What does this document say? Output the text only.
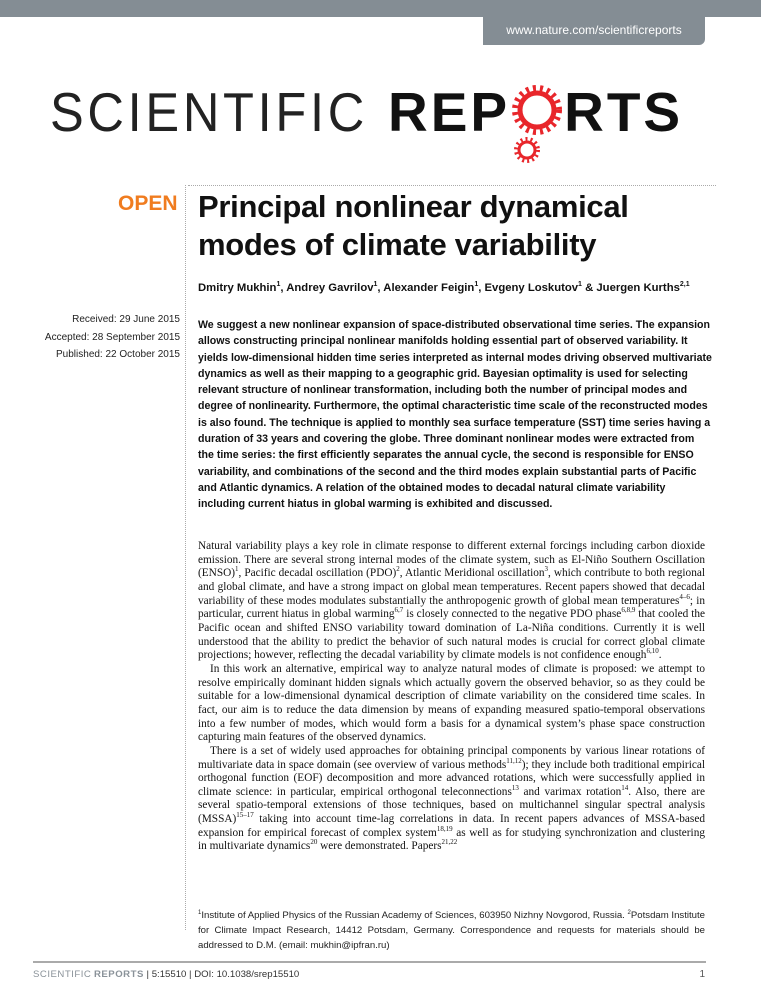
www.nature.com/scientificreports
SCIENTIFIC REP RTS
OPEN Principal nonlinear dynamical modes of climate variability
Dmitry Mukhin$^1$, Andrey Gavrilov$^1$, Alexander Feigin$^1$, Evgeny Loskutov$^1$ & Juergen Kurths$^{2,1}$
Received: 29 June 2015
Accepted: 28 September 2015
Published: 22 October 2015
We suggest a new nonlinear expansion of space-distributed observational time series. The expansion allows constructing principal nonlinear manifolds holding essential part of observed variability. It yields low-dimensional hidden time series interpreted as internal modes driving observed multivariate dynamics as well as their mapping to a geographic grid. Bayesian optimality is used for selecting relevant structure of nonlinear transformation, including both the number of principal modes and degree of nonlinearity. Furthermore, the optimal characteristic time scale of the reconstructed modes is also found. The technique is applied to monthly sea surface temperature (SST) time series having a duration of 33 years and covering the globe. Three dominant nonlinear modes were extracted from the time series: the first efficiently separates the annual cycle, the second is responsible for ENSO variability, and combinations of the second and the third modes explain substantial parts of Pacific and Atlantic dynamics. A relation of the obtained modes to decadal natural climate variability including current hiatus in global warming is exhibited and discussed.

Natural variability plays a key role in climate response to different external forcings including carbon dioxide emission. There are several strong internal modes of the climate system, such as El-Niño Southern Oscillation (ENSO)$^1$, Pacific decadal oscillation (PDO)$^2$, Atlantic Meridional oscillation$^3$, which contribute to both regional and global climate, and have a strong impact on global mean temperatures. Recent papers showed that decadal variability of these modes modulates substantially the anthropogenic growth of global mean temperatures$^{4-6}$; in particular, current hiatus in global warming$^{6,7}$ is closely connected to the negative PDO phase$^{6,8,9}$ that cooled the Pacific ocean and shifted ENSO variability toward domination of La-Niña conditions. Currently it is well understood that the ability to predict the behavior of such natural modes is crucial for correct global climate projections; however, reflecting the decadal variability by climate models is not confidence enough$^{6,10}$.

In this work an alternative, empirical way to analyze natural modes of climate is proposed: we attempt to resolve empirically dominant hidden signals which actually govern the observed behavior, so as they could be suitable for a low-dimensional dynamical description of climate variability on the considered time scales. In fact, our aim is to reduce the data dimension by means of expanding measured spatio-temporal observations into a few number of modes, which would form a basis for a dynamical system’s phase space construction capturing main features of the observed dynamics.

There is a set of widely used approaches for obtaining principal components by various linear rotations of multivariate data in space domain (see overview of various methods$^{11,12}$); they include both traditional empirical orthogonal function (EOF) decomposition and more advanced rotations, which were successfully applied in climate science: in particular, empirical orthogonal teleconnections$^{13}$ and varimax rotation$^{14}$. Also, there are several spatio-temporal extensions of those techniques, based on multichannel singular spectral analysis (MSSA)$^{15-17}$ taking into account time-lag correlations in data. In recent papers advances of MSSA-based expansion for empirical forecast of complex system$^{18,19}$ as well as for studying synchronization and clustering in multivariate dynamics$^{20}$ were demonstrated. Papers$^{21,22}$

$^1$Institute of Applied Physics of the Russian Academy of Sciences, 603950 Nizhny Novgorod, Russia. $^2$Potsdam Institute for Climate Impact Research, 14412 Potsdam, Germany. Correspondence and requests for materials should be addressed to D.M. (email: mukhin@ipfran.ru)
SCIENTIFIC REPORTS | 5:15510 | DOI: 10.1038/srep15510	1
